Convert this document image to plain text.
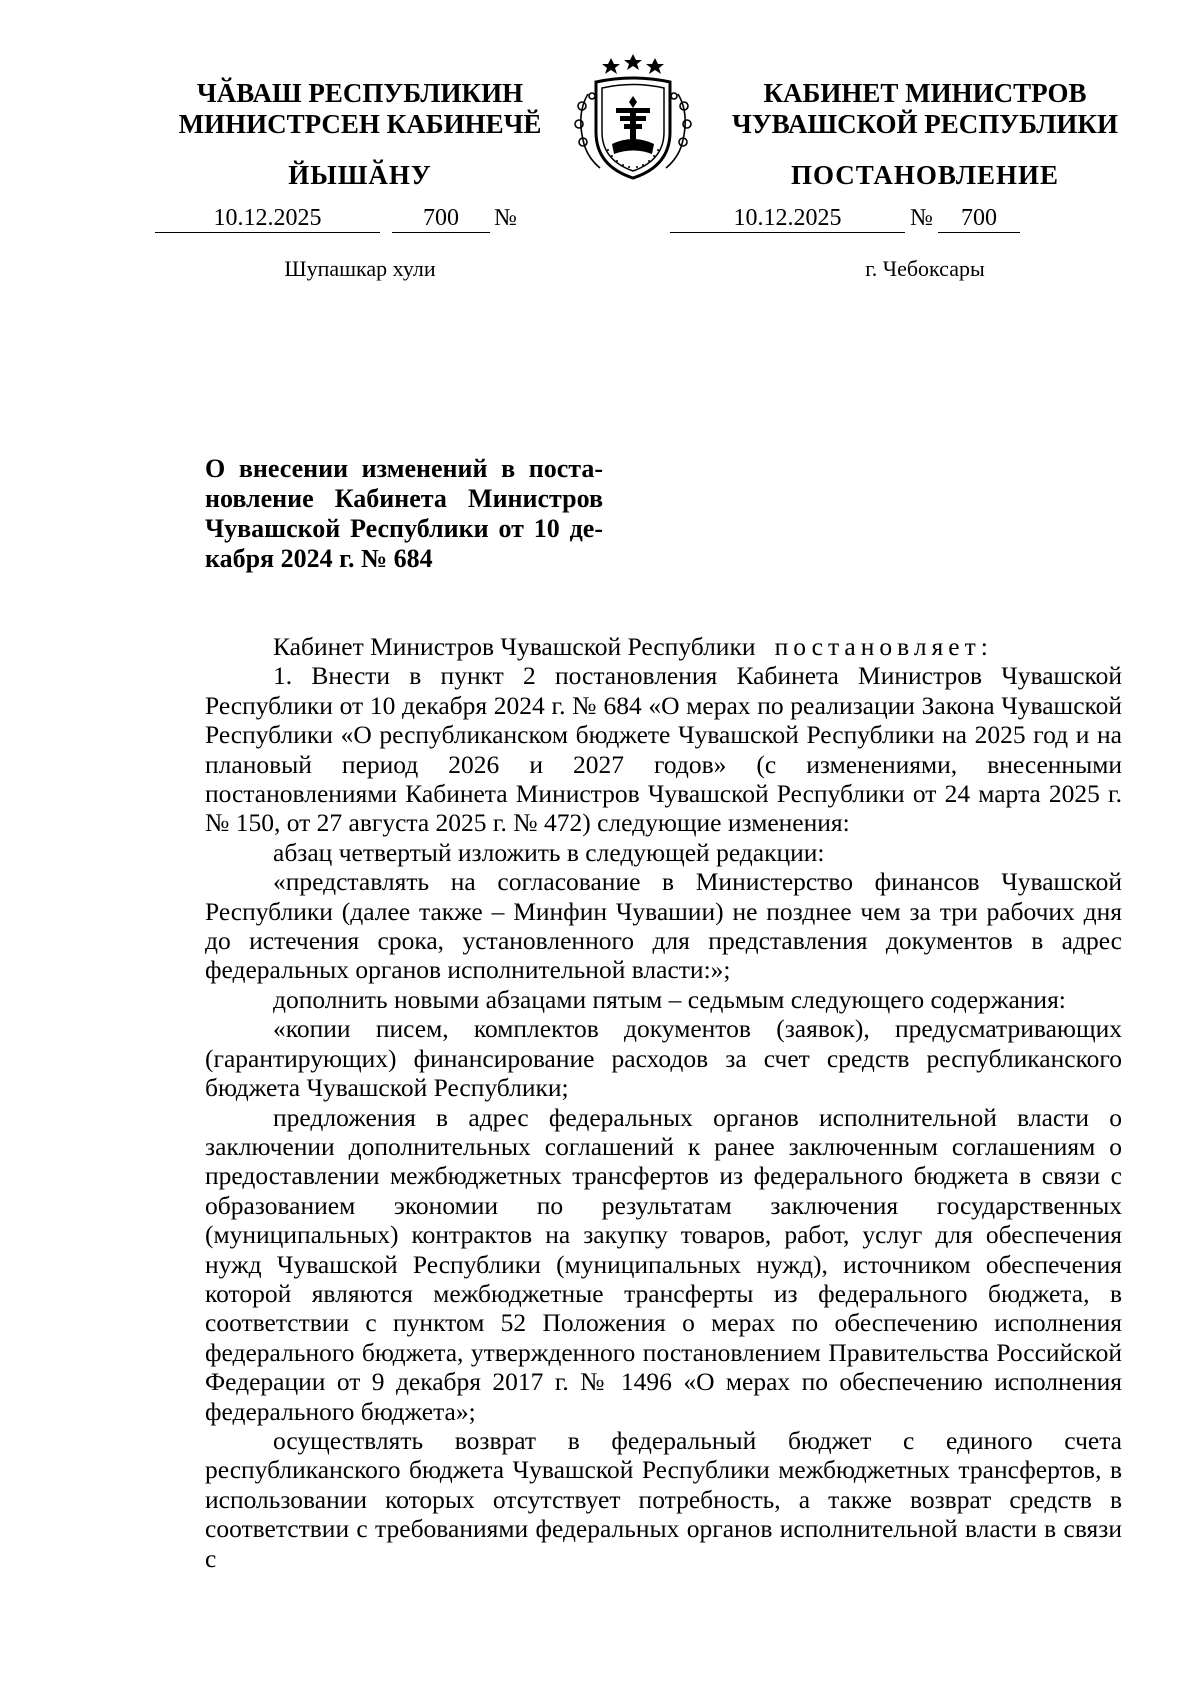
ЧӐВАШ РЕСПУБЛИКИН
МИНИСТРСЕН КАБИНЕЧӖ
ЙЫШӐНУ
КАБИНЕТ МИНИСТРОВ
ЧУВАШСКОЙ РЕСПУБЛИКИ
ПОСТАНОВЛЕНИЕ
10.12.2025	700	№	10.12.2025	№	700
Шупашкар хули	г. Чебоксары
О внесении изменений в поста-
новление Кабинета Министров
Чувашской Республики от 10 де-
кабря 2024 г. № 684

Кабинет Министров Чувашской Республики постановляет:

1. Внести в пункт 2 постановления Кабинета Министров Чувашской Республики от 10 декабря 2024 г. № 684 «О мерах по реализации Закона Чувашской Республики «О республиканском бюджете Чувашской Республики на 2025 год и на плановый период 2026 и 2027 годов» (с изменениями, внесенными постановлениями Кабинета Министров Чувашской Республики от 24 марта 2025 г. № 150, от 27 августа 2025 г. № 472) следующие изменения:

абзац четвертый изложить в следующей редакции:

«представлять на согласование в Министерство финансов Чувашской Республики (далее также – Минфин Чувашии) не позднее чем за три рабочих дня до истечения срока, установленного для представления документов в адрес федеральных органов исполнительной власти:»;

дополнить новыми абзацами пятым – седьмым следующего содержания:

«копии писем, комплектов документов (заявок), предусматривающих (гарантирующих) финансирование расходов за счет средств республиканского бюджета Чувашской Республики;

предложения в адрес федеральных органов исполнительной власти о заключении дополнительных соглашений к ранее заключенным соглашениям о предоставлении межбюджетных трансфертов из федерального бюджета в связи с образованием экономии по результатам заключения государственных (муниципальных) контрактов на закупку товаров, работ, услуг для обеспечения нужд Чувашской Республики (муниципальных нужд), источником обеспечения которой являются межбюджетные трансферты из федерального бюджета, в соответствии с пунктом 52 Положения о мерах по обеспечению исполнения федерального бюджета, утвержденного постановлением Правительства Российской Федерации от 9 декабря 2017 г. № 1496 «О мерах по обеспечению исполнения федерального бюджета»;

осуществлять возврат в федеральный бюджет с единого счета республиканского бюджета Чувашской Республики межбюджетных трансфертов, в использовании которых отсутствует потребность, а также возврат средств в соответствии с требованиями федеральных органов исполнительной власти в связи с
